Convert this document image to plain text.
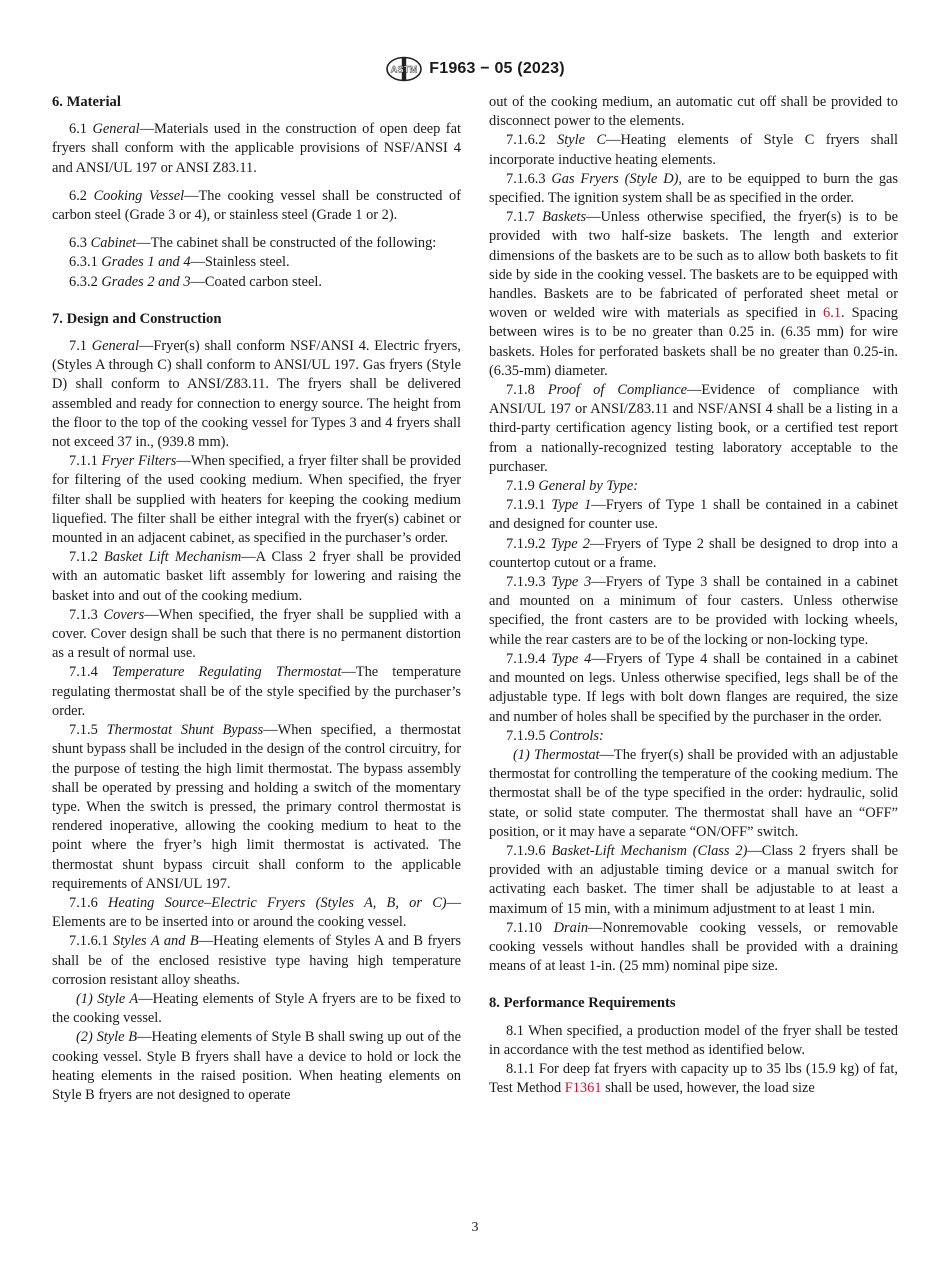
ASTM F1963 − 05 (2023)
6. Material

6.1 General—Materials used in the construction of open deep fat fryers shall conform with the applicable provisions of NSF/ANSI 4 and ANSI/UL 197 or ANSI Z83.11.

6.2 Cooking Vessel—The cooking vessel shall be constructed of carbon steel (Grade 3 or 4), or stainless steel (Grade 1 or 2).

6.3 Cabinet—The cabinet shall be constructed of the following:

6.3.1 Grades 1 and 4—Stainless steel.

6.3.2 Grades 2 and 3—Coated carbon steel.

7. Design and Construction

7.1 General—Fryer(s) shall conform NSF/ANSI 4. Electric fryers, (Styles A through C) shall conform to ANSI/UL 197. Gas fryers (Style D) shall conform to ANSI/Z83.11. The fryers shall be delivered assembled and ready for connection to energy source. The height from the floor to the top of the cooking vessel for Types 3 and 4 fryers shall not exceed 37 in., (939.8 mm).

7.1.1 Fryer Filters—When specified, a fryer filter shall be provided for filtering of the used cooking medium. When specified, the fryer filter shall be supplied with heaters for keeping the cooking medium liquefied. The filter shall be either integral with the fryer(s) cabinet or mounted in an adjacent cabinet, as specified in the purchaser’s order.

7.1.2 Basket Lift Mechanism—A Class 2 fryer shall be provided with an automatic basket lift assembly for lowering and raising the basket into and out of the cooking medium.

7.1.3 Covers—When specified, the fryer shall be supplied with a cover. Cover design shall be such that there is no permanent distortion as a result of normal use.

7.1.4 Temperature Regulating Thermostat—The temperature regulating thermostat shall be of the style specified by the purchaser’s order.

7.1.5 Thermostat Shunt Bypass—When specified, a thermostat shunt bypass shall be included in the design of the control circuitry, for the purpose of testing the high limit thermostat. The bypass assembly shall be operated by pressing and holding a switch of the momentary type. When the switch is pressed, the primary control thermostat is rendered inoperative, allowing the cooking medium to heat to the point where the fryer’s high limit thermostat is activated. The thermostat shunt bypass circuit shall conform to the applicable requirements of ANSI/UL 197.

7.1.6 Heating Source–Electric Fryers (Styles A, B, or C)—Elements are to be inserted into or around the cooking vessel.

7.1.6.1 Styles A and B—Heating elements of Styles A and B fryers shall be of the enclosed resistive type having high temperature corrosion resistant alloy sheaths.

(1) Style A—Heating elements of Style A fryers are to be fixed to the cooking vessel.

(2) Style B—Heating elements of Style B shall swing up out of the cooking vessel. Style B fryers shall have a device to hold or lock the heating elements in the raised position. When heating elements on Style B fryers are not designed to operate

out of the cooking medium, an automatic cut off shall be provided to disconnect power to the elements.

7.1.6.2 Style C—Heating elements of Style C fryers shall incorporate inductive heating elements.

7.1.6.3 Gas Fryers (Style D), are to be equipped to burn the gas specified. The ignition system shall be as specified in the order.

7.1.7 Baskets—Unless otherwise specified, the fryer(s) is to be provided with two half-size baskets. The length and exterior dimensions of the baskets are to be such as to allow both baskets to fit side by side in the cooking vessel. The baskets are to be equipped with handles. Baskets are to be fabricated of perforated sheet metal or woven or welded wire with materials as specified in 6.1. Spacing between wires is to be no greater than 0.25 in. (6.35 mm) for wire baskets. Holes for perforated baskets shall be no greater than 0.25-in. (6.35-mm) diameter.

7.1.8 Proof of Compliance—Evidence of compliance with ANSI/UL 197 or ANSI/Z83.11 and NSF/ANSI 4 shall be a listing in a third-party certification agency listing book, or a certified test report from a nationally-recognized testing laboratory acceptable to the purchaser.

7.1.9 General by Type:

7.1.9.1 Type 1—Fryers of Type 1 shall be contained in a cabinet and designed for counter use.

7.1.9.2 Type 2—Fryers of Type 2 shall be designed to drop into a countertop cutout or a frame.

7.1.9.3 Type 3—Fryers of Type 3 shall be contained in a cabinet and mounted on a minimum of four casters. Unless otherwise specified, the front casters are to be provided with locking wheels, while the rear casters are to be of the locking or non-locking type.

7.1.9.4 Type 4—Fryers of Type 4 shall be contained in a cabinet and mounted on legs. Unless otherwise specified, legs shall be of the adjustable type. If legs with bolt down flanges are required, the size and number of holes shall be specified by the purchaser in the order.

7.1.9.5 Controls:

(1) Thermostat—The fryer(s) shall be provided with an adjustable thermostat for controlling the temperature of the cooking medium. The thermostat shall be of the type specified in the order: hydraulic, solid state, or solid state computer. The thermostat shall have an “OFF” position, or it may have a separate “ON/OFF” switch.

7.1.9.6 Basket-Lift Mechanism (Class 2)—Class 2 fryers shall be provided with an adjustable timing device or a manual switch for activating each basket. The timer shall be adjustable to at least a maximum of 15 min, with a minimum adjustment to at least 1 min.

7.1.10 Drain—Nonremovable cooking vessels, or removable cooking vessels without handles shall be provided with a draining means of at least 1-in. (25 mm) nominal pipe size.

8. Performance Requirements

8.1 When specified, a production model of the fryer shall be tested in accordance with the test method as identified below.

8.1.1 For deep fat fryers with capacity up to 35 lbs (15.9 kg) of fat, Test Method F1361 shall be used, however, the load size

3
